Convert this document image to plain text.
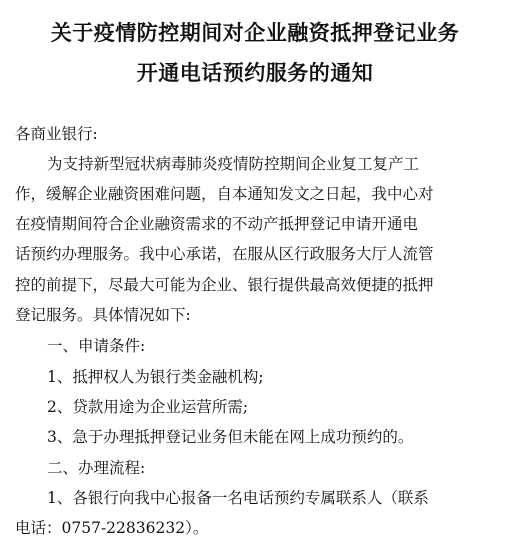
关于疫情防控期间对企业融资抵押登记业务
开通电话预约服务的通知
各商业银行:
为支持新型冠状病毒肺炎疫情防控期间企业复工复产工
作，缓解企业融资困难问题，自本通知发文之日起，我中心对
在疫情期间符合企业融资需求的不动产抵押登记申请开通电
话预约办理服务。我中心承诺，在服从区行政服务大厅人流管
控的前提下，尽最大可能为企业、银行提供最高效便捷的抵押
登记服务。具体情况如下:
一、申请条件:
1、抵押权人为银行类金融机构;
2、贷款用途为企业运营所需;
3、急于办理抵押登记业务但未能在网上成功预约的。
二、办理流程:
1、各银行向我中心报备一名电话预约专属联系人（联系
电话：0757-22836232）。
